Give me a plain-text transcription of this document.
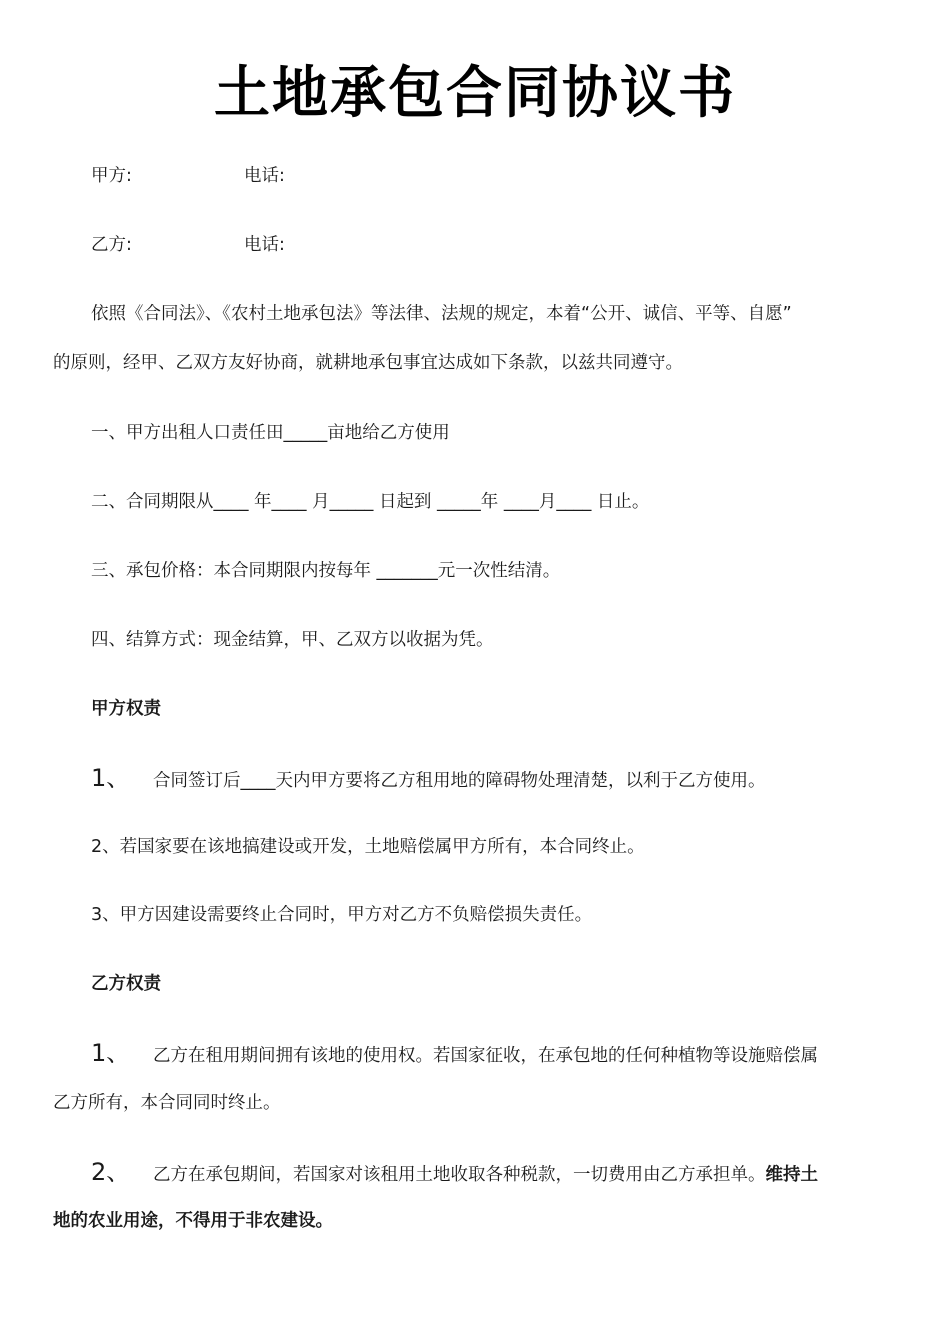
土地承包合同协议书
甲方:	电话:
乙方:	电话:
依照《合同法》、《农村土地承包法》等法律、法规的规定，本着“公开、诚信、平等、自愿”
的原则，经甲、乙双方友好协商，就耕地承包事宜达成如下条款，以兹共同遵守。
一、甲方出租人口责任田_____亩地给乙方使用
二、合同期限从____ 年____ 月_____ 日起到 _____年 ____月____ 日止。
三、承包价格：本合同期限内按每年 _______元一次性结清。
四、结算方式：现金结算，甲、乙双方以收据为凭。
甲方权责
1、 合同签订后____天内甲方要将乙方租用地的障碍物处理清楚，以利于乙方使用。
2、若国家要在该地搞建设或开发，土地赔偿属甲方所有，本合同终止。
3、甲方因建设需要终止合同时，甲方对乙方不负赔偿损失责任。
乙方权责
1、 乙方在租用期间拥有该地的使用权。若国家征收，在承包地的任何种植物等设施赔偿属
乙方所有，本合同同时终止。
2、 乙方在承包期间，若国家对该租用土地收取各种税款，一切费用由乙方承担单。维持土
地的农业用途，不得用于非农建设。
